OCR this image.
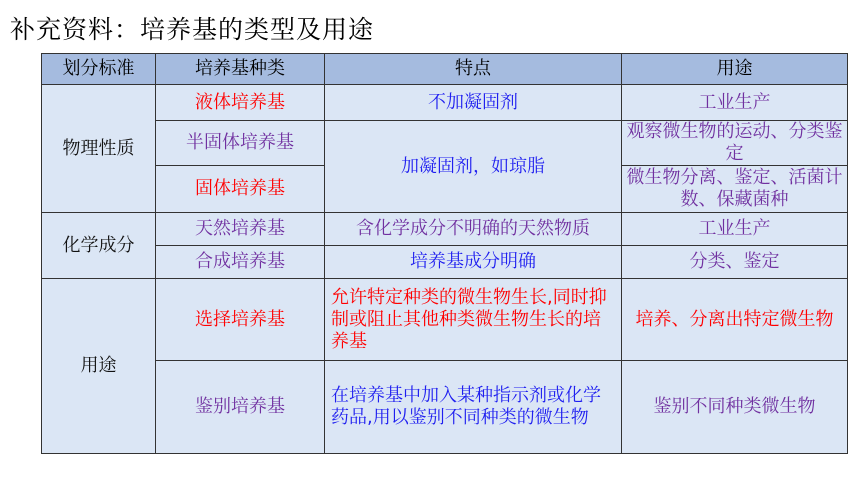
补充资料：培养基的类型及用途
划分标准	培养基种类	特点	用途
物理性质	液体培养基	不加凝固剂	工业生产
	半固体培养基	加凝固剂，如琼脂	观察微生物的运动、分类鉴定
	固体培养基		微生物分离、鉴定、活菌计数、保藏菌种
化学成分	天然培养基	含化学成分不明确的天然物质	工业生产
	合成培养基	培养基成分明确	分类、鉴定
用途	选择培养基	允许特定种类的微生物生长,同时抑制或阻止其他种类微生物生长的培养基	培养、分离出特定微生物
	鉴别培养基	在培养基中加入某种指示剂或化学药品,用以鉴别不同种类的微生物	鉴别不同种类微生物
